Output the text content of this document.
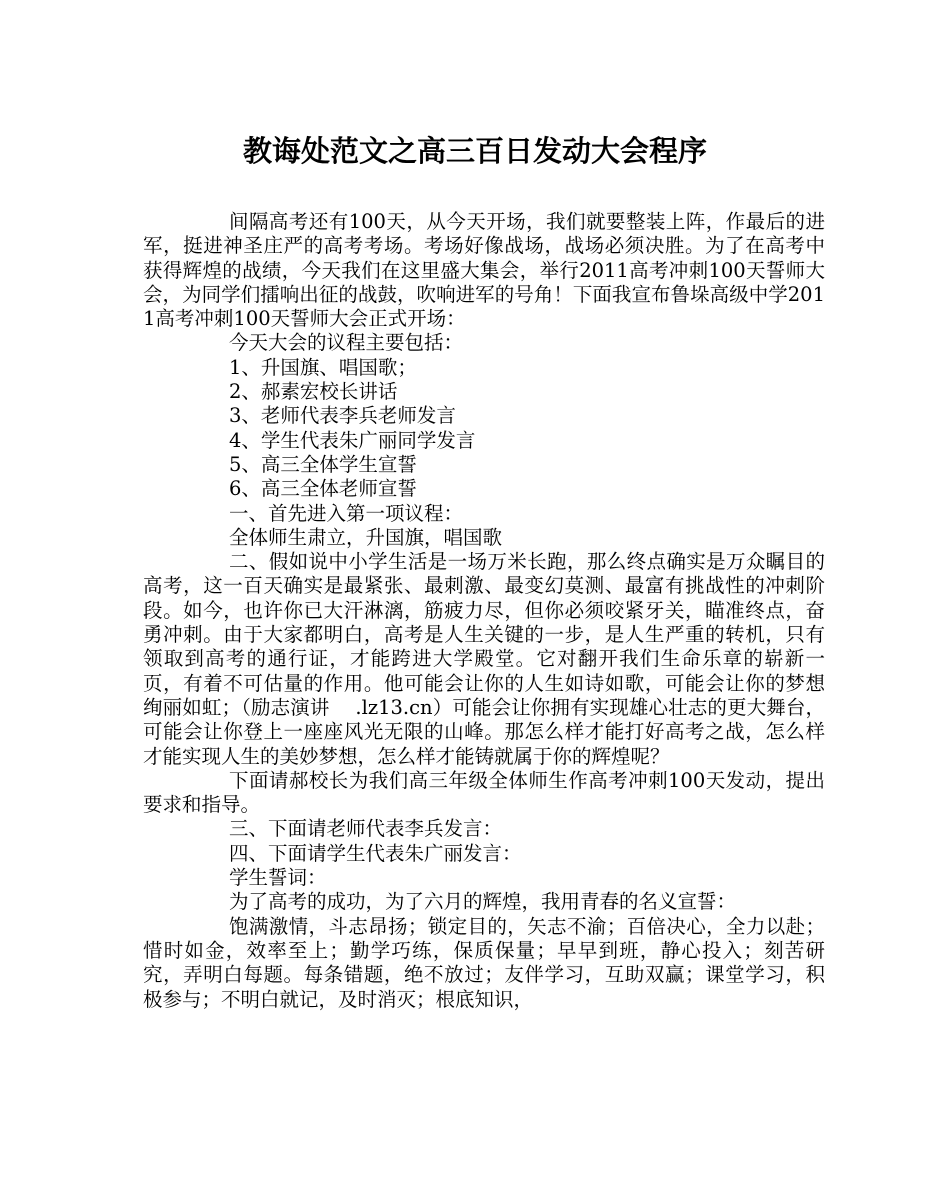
教诲处范文之高三百日发动大会程序

间隔高考还有100天，从今天开场，我们就要整装上阵，作最后的进军，挺进神圣庄严的高考考场。考场好像战场，战场必须决胜。为了在高考中获得辉煌的战绩，今天我们在这里盛大集会，举行2011高考冲刺100天誓师大会，为同学们擂响出征的战鼓，吹响进军的号角！下面我宣布鲁垛高级中学2011高考冲刺100天誓师大会正式开场：

今天大会的议程主要包括：

1、升国旗、唱国歌；

2、郝素宏校长讲话

3、老师代表李兵老师发言

4、学生代表朱广丽同学发言

5、高三全体学生宣誓

6、高三全体老师宣誓

一、首先进入第一项议程：

全体师生肃立，升国旗，唱国歌

二、假如说中小学生活是一场万米长跑，那么终点确实是万众瞩目的高考，这一百天确实是最紧张、最刺激、最变幻莫测、最富有挑战性的冲刺阶段。如今，也许你已大汗淋漓，筋疲力尽，但你必须咬紧牙关，瞄准终点，奋勇冲刺。由于大家都明白，高考是人生关键的一步，是人生严重的转机，只有领取到高考的通行证，才能跨进大学殿堂。它对翻开我们生命乐章的崭新一页，有着不可估量的作用。他可能会让你的人生如诗如歌，可能会让你的梦想绚丽如虹；（励志演讲　 .lz13.cn）可能会让你拥有实现雄心壮志的更大舞台，可能会让你登上一座座风光无限的山峰。那怎么样才能打好高考之战，怎么样才能实现人生的美妙梦想，怎么样才能铸就属于你的辉煌呢？

下面请郝校长为我们高三年级全体师生作高考冲刺100天发动，提出要求和指导。

三、下面请老师代表李兵发言：

四、下面请学生代表朱广丽发言：

学生誓词：

为了高考的成功，为了六月的辉煌，我用青春的名义宣誓：

饱满激情，斗志昂扬；锁定目的，矢志不渝；百倍决心，全力以赴；惜时如金，效率至上；勤学巧练，保质保量；早早到班，静心投入；刻苦研究，弄明白每题。每条错题，绝不放过；友伴学习，互助双赢；课堂学习，积极参与；不明白就记，及时消灭；根底知识，
